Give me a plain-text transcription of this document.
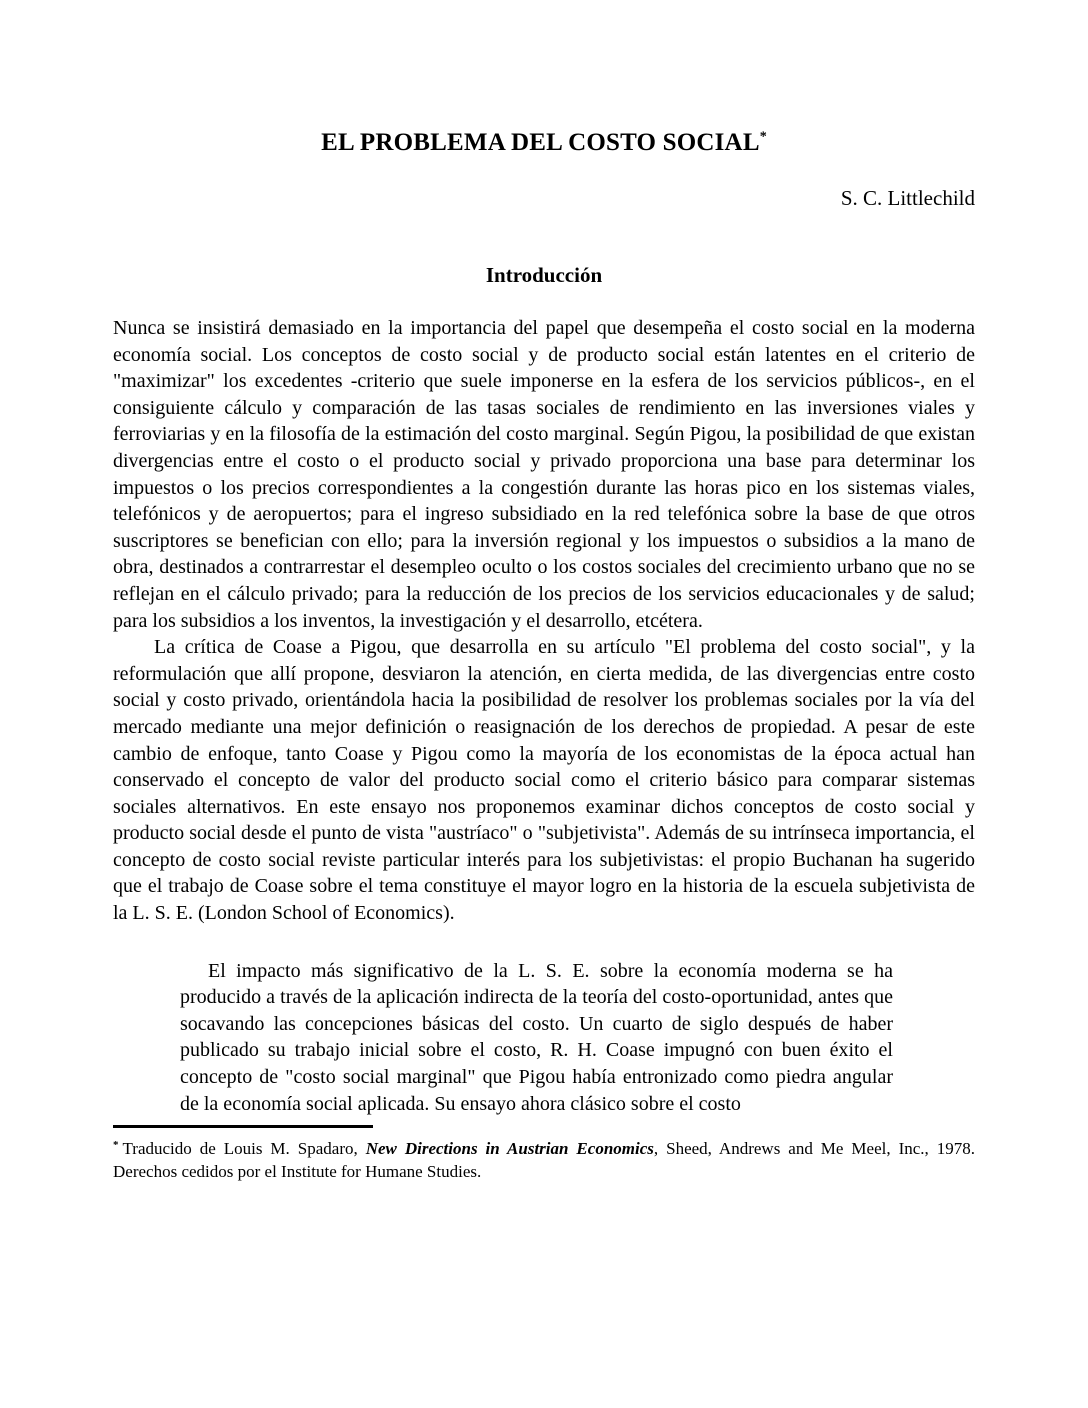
EL PROBLEMA DEL COSTO SOCIAL*
S. C. Littlechild
Introducción

Nunca se insistirá demasiado en la importancia del papel que desempeña el costo social en la moderna economía social. Los conceptos de costo social y de producto social están latentes en el criterio de "maximizar" los excedentes -criterio que suele imponerse en la esfera de los servicios públicos-, en el consiguiente cálculo y comparación de las tasas sociales de rendimiento en las inversiones viales y ferroviarias y en la filosofía de la estimación del costo marginal. Según Pigou, la posibilidad de que existan divergencias entre el costo o el producto social y privado proporciona una base para determinar los impuestos o los precios correspondientes a la congestión durante las horas pico en los sistemas viales, telefónicos y de aeropuertos; para el ingreso subsidiado en la red telefónica sobre la base de que otros suscriptores se benefician con ello; para la inversión regional y los impuestos o subsidios a la mano de obra, destinados a contrarrestar el desempleo oculto o los costos sociales del crecimiento urbano que no se reflejan en el cálculo privado; para la reducción de los precios de los servicios educacionales y de salud; para los subsidios a los inventos, la investigación y el desarrollo, etcétera.

La crítica de Coase a Pigou, que desarrolla en su artículo "El problema del costo social", y la reformulación que allí propone, desviaron la atención, en cierta medida, de las divergencias entre costo social y costo privado, orientándola hacia la posibilidad de resolver los problemas sociales por la vía del mercado mediante una mejor definición o reasignación de los derechos de propiedad. A pesar de este cambio de enfoque, tanto Coase y Pigou como la mayoría de los economistas de la época actual han conservado el concepto de valor del producto social como el criterio básico para comparar sistemas sociales alternativos. En este ensayo nos proponemos examinar dichos conceptos de costo social y producto social desde el punto de vista "austríaco" o "subjetivista". Además de su intrínseca importancia, el concepto de costo social reviste particular interés para los subjetivistas: el propio Buchanan ha sugerido que el trabajo de Coase sobre el tema constituye el mayor logro en la historia de la escuela subjetivista de la L. S. E. (London School of Economics).

El impacto más significativo de la L. S. E. sobre la economía moderna se ha producido a través de la aplicación indirecta de la teoría del costo-oportunidad, antes que socavando las concepciones básicas del costo. Un cuarto de siglo después de haber publicado su trabajo inicial sobre el costo, R. H. Coase impugnó con buen éxito el concepto de "costo social marginal" que Pigou había entronizado como piedra angular de la economía social aplicada. Su ensayo ahora clásico sobre el costo
* Traducido de Louis M. Spadaro, New Directions in Austrian Economics, Sheed, Andrews and Me Meel, Inc., 1978. Derechos cedidos por el Institute for Humane Studies.
